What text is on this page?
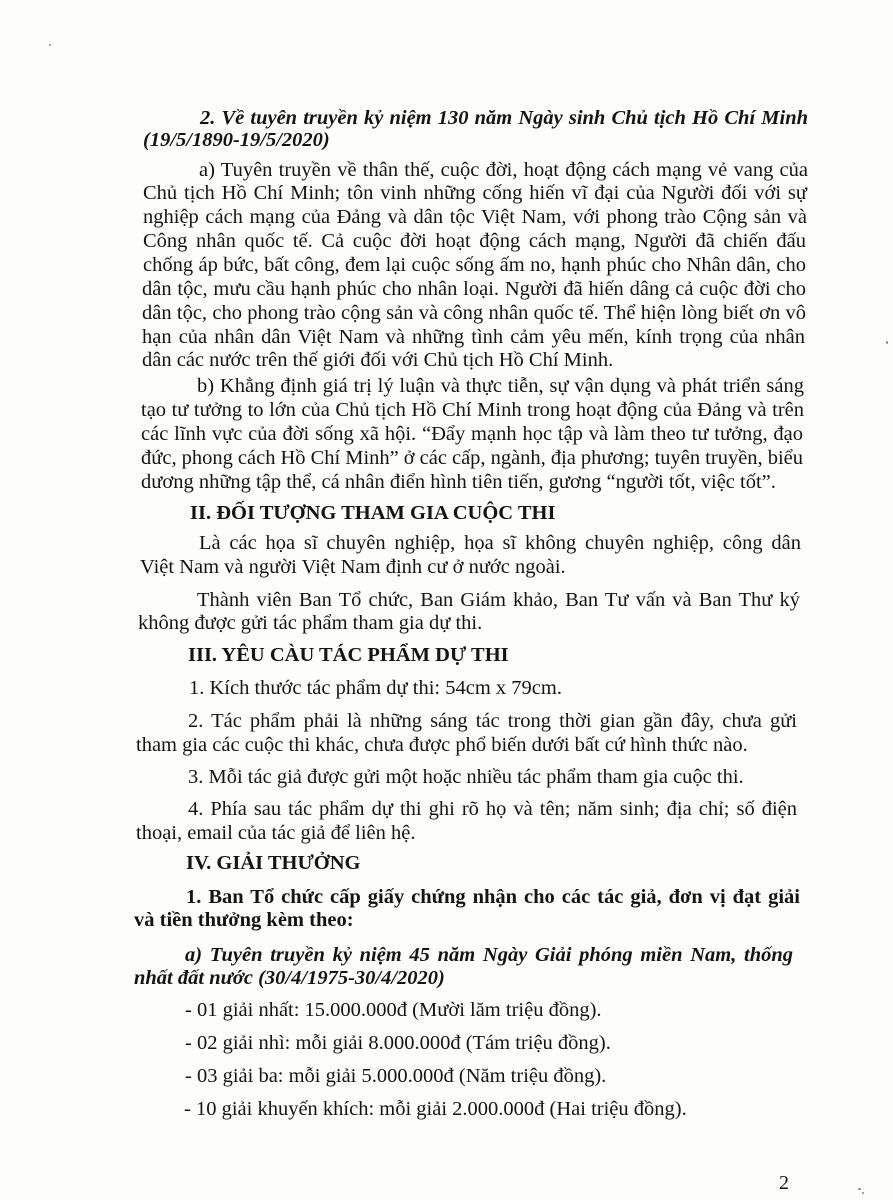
2. Về tuyên truyền kỷ niệm 130 năm Ngày sinh Chủ tịch Hồ Chí Minh
(19/5/1890-19/5/2020)
a) Tuyên truyền về thân thế, cuộc đời, hoạt động cách mạng vẻ vang của
Chủ tịch Hồ Chí Minh; tôn vinh những cống hiến vĩ đại của Người đối với sự
nghiệp cách mạng của Đảng và dân tộc Việt Nam, với phong trào Cộng sản và
Công nhân quốc tế. Cả cuộc đời hoạt động cách mạng, Người đã chiến đấu
chống áp bức, bất công, đem lại cuộc sống ấm no, hạnh phúc cho Nhân dân, cho
dân tộc, mưu cầu hạnh phúc cho nhân loại. Người đã hiến dâng cả cuộc đời cho
dân tộc, cho phong trào cộng sản và công nhân quốc tế. Thể hiện lòng biết ơn vô
hạn của nhân dân Việt Nam và những tình cảm yêu mến, kính trọng của nhân
dân các nước trên thế giới đối với Chủ tịch Hồ Chí Minh.
b) Khẳng định giá trị lý luận và thực tiễn, sự vận dụng và phát triển sáng
tạo tư tưởng to lớn của Chủ tịch Hồ Chí Minh trong hoạt động của Đảng và trên
các lĩnh vực của đời sống xã hội. “Đẩy mạnh học tập và làm theo tư tưởng, đạo
đức, phong cách Hồ Chí Minh” ở các cấp, ngành, địa phương; tuyên truyền, biểu
dương những tập thể, cá nhân điển hình tiên tiến, gương “người tốt, việc tốt”.
II. ĐỐI TƯỢNG THAM GIA CUỘC THI
Là các họa sĩ chuyên nghiệp, họa sĩ không chuyên nghiệp, công dân
Việt Nam và người Việt Nam định cư ở nước ngoài.
Thành viên Ban Tổ chức, Ban Giám khảo, Ban Tư vấn và Ban Thư ký
không được gửi tác phẩm tham gia dự thi.
III. YÊU CÀU TÁC PHẨM DỰ THI
1. Kích thước tác phẩm dự thi: 54cm x 79cm.
2. Tác phẩm phải là những sáng tác trong thời gian gần đây, chưa gửi
tham gia các cuộc thi khác, chưa được phổ biến dưới bất cứ hình thức nào.
3. Mỗi tác giả được gửi một hoặc nhiều tác phẩm tham gia cuộc thi.
4. Phía sau tác phẩm dự thi ghi rõ họ và tên; năm sinh; địa chỉ; số điện
thoại, email của tác giả để liên hệ.
IV. GIẢI THƯỞNG
1. Ban Tổ chức cấp giấy chứng nhận cho các tác giả, đơn vị đạt giải
và tiền thưởng kèm theo:
a) Tuyên truyền kỷ niệm 45 năm Ngày Giải phóng miền Nam, thống
nhất đất nước (30/4/1975-30/4/2020)
- 01 giải nhất: 15.000.000đ (Mười lăm triệu đồng).
- 02 giải nhì: mỗi giải 8.000.000đ (Tám triệu đồng).
- 03 giải ba: mỗi giải 5.000.000đ (Năm triệu đồng).
- 10 giải khuyến khích: mỗi giải 2.000.000đ (Hai triệu đồng).
2
